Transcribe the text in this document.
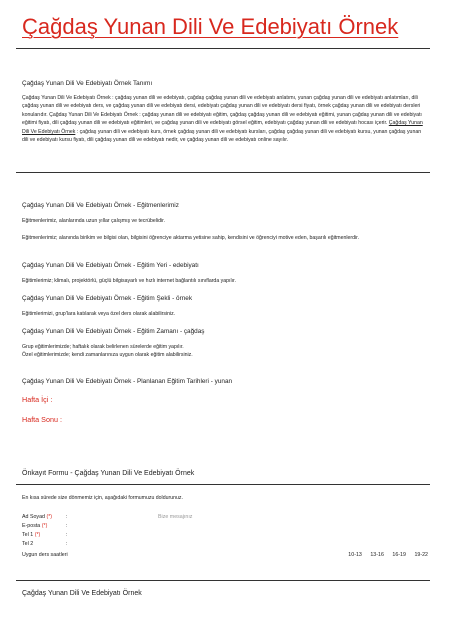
Çağdaş Yunan Dili Ve Edebiyatı Örnek

Çağdaş Yunan Dili Ve Edebiyatı Örnek Tanımı

Çağdaş Yunan Dili Ve Edebiyatı Örnek : çağdaş yunan dili ve edebiyatı, çağdaş çağdaş yunan dili ve edebiyatı anlatımı, yunan çağdaş yunan dili ve edebiyatı anlatımları, dili çağdaş yunan dili ve edebiyatı ders, ve çağdaş yunan dili ve edebiyatı dersi, edebiyatı çağdaş yunan dili ve edebiyatı dersi fiyatı, örnek çağdaş yunan dili ve edebiyatı dersleri konularıdır. Çağdaş Yunan Dili Ve Edebiyatı Örnek : çağdaş yunan dili ve edebiyatı eğitim, çağdaş çağdaş yunan dili ve edebiyatı eğitimi, yunan çağdaş yunan dili ve edebiyatı eğitimi fiyatı, dili çağdaş yunan dili ve edebiyatı eğitimleri, ve çağdaş yunan dili ve edebiyatı görsel eğitim, edebiyatı çağdaş yunan dili ve edebiyatı hocası içerir. Çağdaş Yunan Dili Ve Edebiyatı Örnek : çağdaş yunan dili ve edebiyatı kurs, örnek çağdaş yunan dili ve edebiyatı kursları, çağdaş çağdaş yunan dili ve edebiyatı kursu, yunan çağdaş yunan dili ve edebiyatı kursu fiyatı, dili çağdaş yunan dili ve edebiyatı nedir, ve çağdaş yunan dili ve edebiyatı online sayılır.

Çağdaş Yunan Dili Ve Edebiyatı Örnek - Eğitmenlerimiz

Eğitmenlerimiz, alanlarında uzun yıllar çalışmış ve tecrübelidir.

Eğitmenlerimiz; alanında birikim ve bilgisi olan, bilgisini öğrenciye aktarma yetisine sahip, kendisini ve öğrenciyi motive eden, başarılı eğitmenlerdir.

Çağdaş Yunan Dili Ve Edebiyatı Örnek - Eğitim Yeri - edebiyatı

Eğitimlerimiz; klimalı, projektörlü, güçlü bilgisayarlı ve hızlı internet bağlantılı sınıflarda yapılır.

Çağdaş Yunan Dili Ve Edebiyatı Örnek - Eğitim Şekli - örnek

Eğitimlerimizi, grup'lara katılarak veya özel ders olarak alabilirsiniz.

Çağdaş Yunan Dili Ve Edebiyatı Örnek - Eğitim Zamanı - çağdaş

Grup eğitimlerimizde; haftalık olarak belirlenen sürelerde eğitim yapılır.

Özel eğitimlerimizde; kendi zamanlarınıza uygun olarak eğitim alabilirsiniz.

Çağdaş Yunan Dili Ve Edebiyatı Örnek - Planlanan Eğitim Tarihleri - yunan

Hafta İçi :

Hafta Sonu :

Önkayıt Formu - Çağdaş Yunan Dili Ve Edebiyatı Örnek

En kısa sürede size dönmemiz için, aşağıdaki formumuzu doldurunuz.

Ad Soyad (*)	:
E-posta (*)	:
Tel 1 (*)	:
Tel 2	:
Bize mesajınız
Uygun ders saatleri	10-13 13-16 16-19 19-22

Çağdaş Yunan Dili Ve Edebiyatı Örnek
